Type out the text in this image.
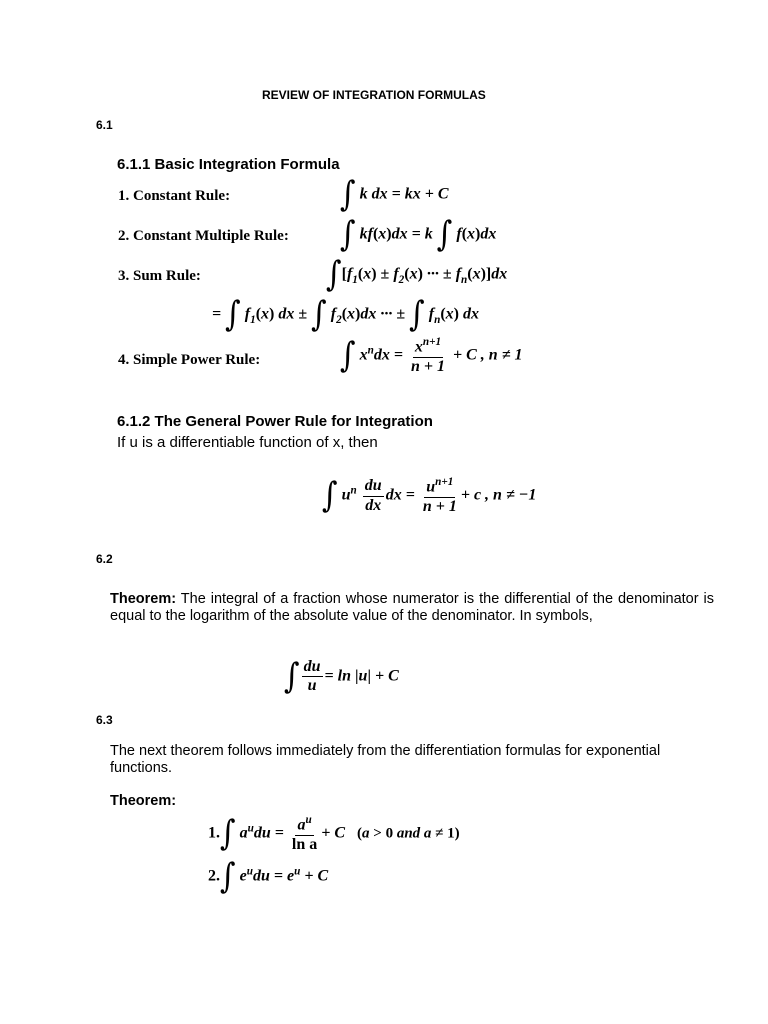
REVIEW OF INTEGRATION FORMULAS
6.1
6.1.1 Basic Integration Formula
1. Constant Rule:	∫ k dx = kx + C
2. Constant Multiple Rule: ∫ kf(x)dx = k ∫ f(x)dx
3. Sum Rule:	$\int[f_1(x) \pm f_2(x)$ ··· ± $f_n(x)]dx$
= ∫ $f_1(x)$ dx ± ∫ $f_2(x)dx$ ··· ± ∫ $f_n(x)$ dx
4. Simple Power Rule:	∫ $x^ndx = \frac{x^{n+1}}{n + 1} + C$ , n ≠ 1
6.1.2 The General Power Rule for Integration
If u is a differentiable function of x, then
∫ $u^n \frac{du}{dx}$ dx = $\frac{u^{n+1}}{n + 1} + c$ , n ≠ −1
6.2
Theorem: The integral of a fraction whose numerator is the differential of the denominator is equal to the logarithm of the absolute value of the denominator. In symbols,
∫ $\frac{du}{u} = \ln |u| + C$
6.3
The next theorem follows immediately from the differentiation formulas for exponential functions.
Theorem:
1.∫ $a^udu = \frac{a^u}{\text{ln a}} + C$   (a > 0 and a ≠ 1)
2.∫ $e^udu = e^u + C$
